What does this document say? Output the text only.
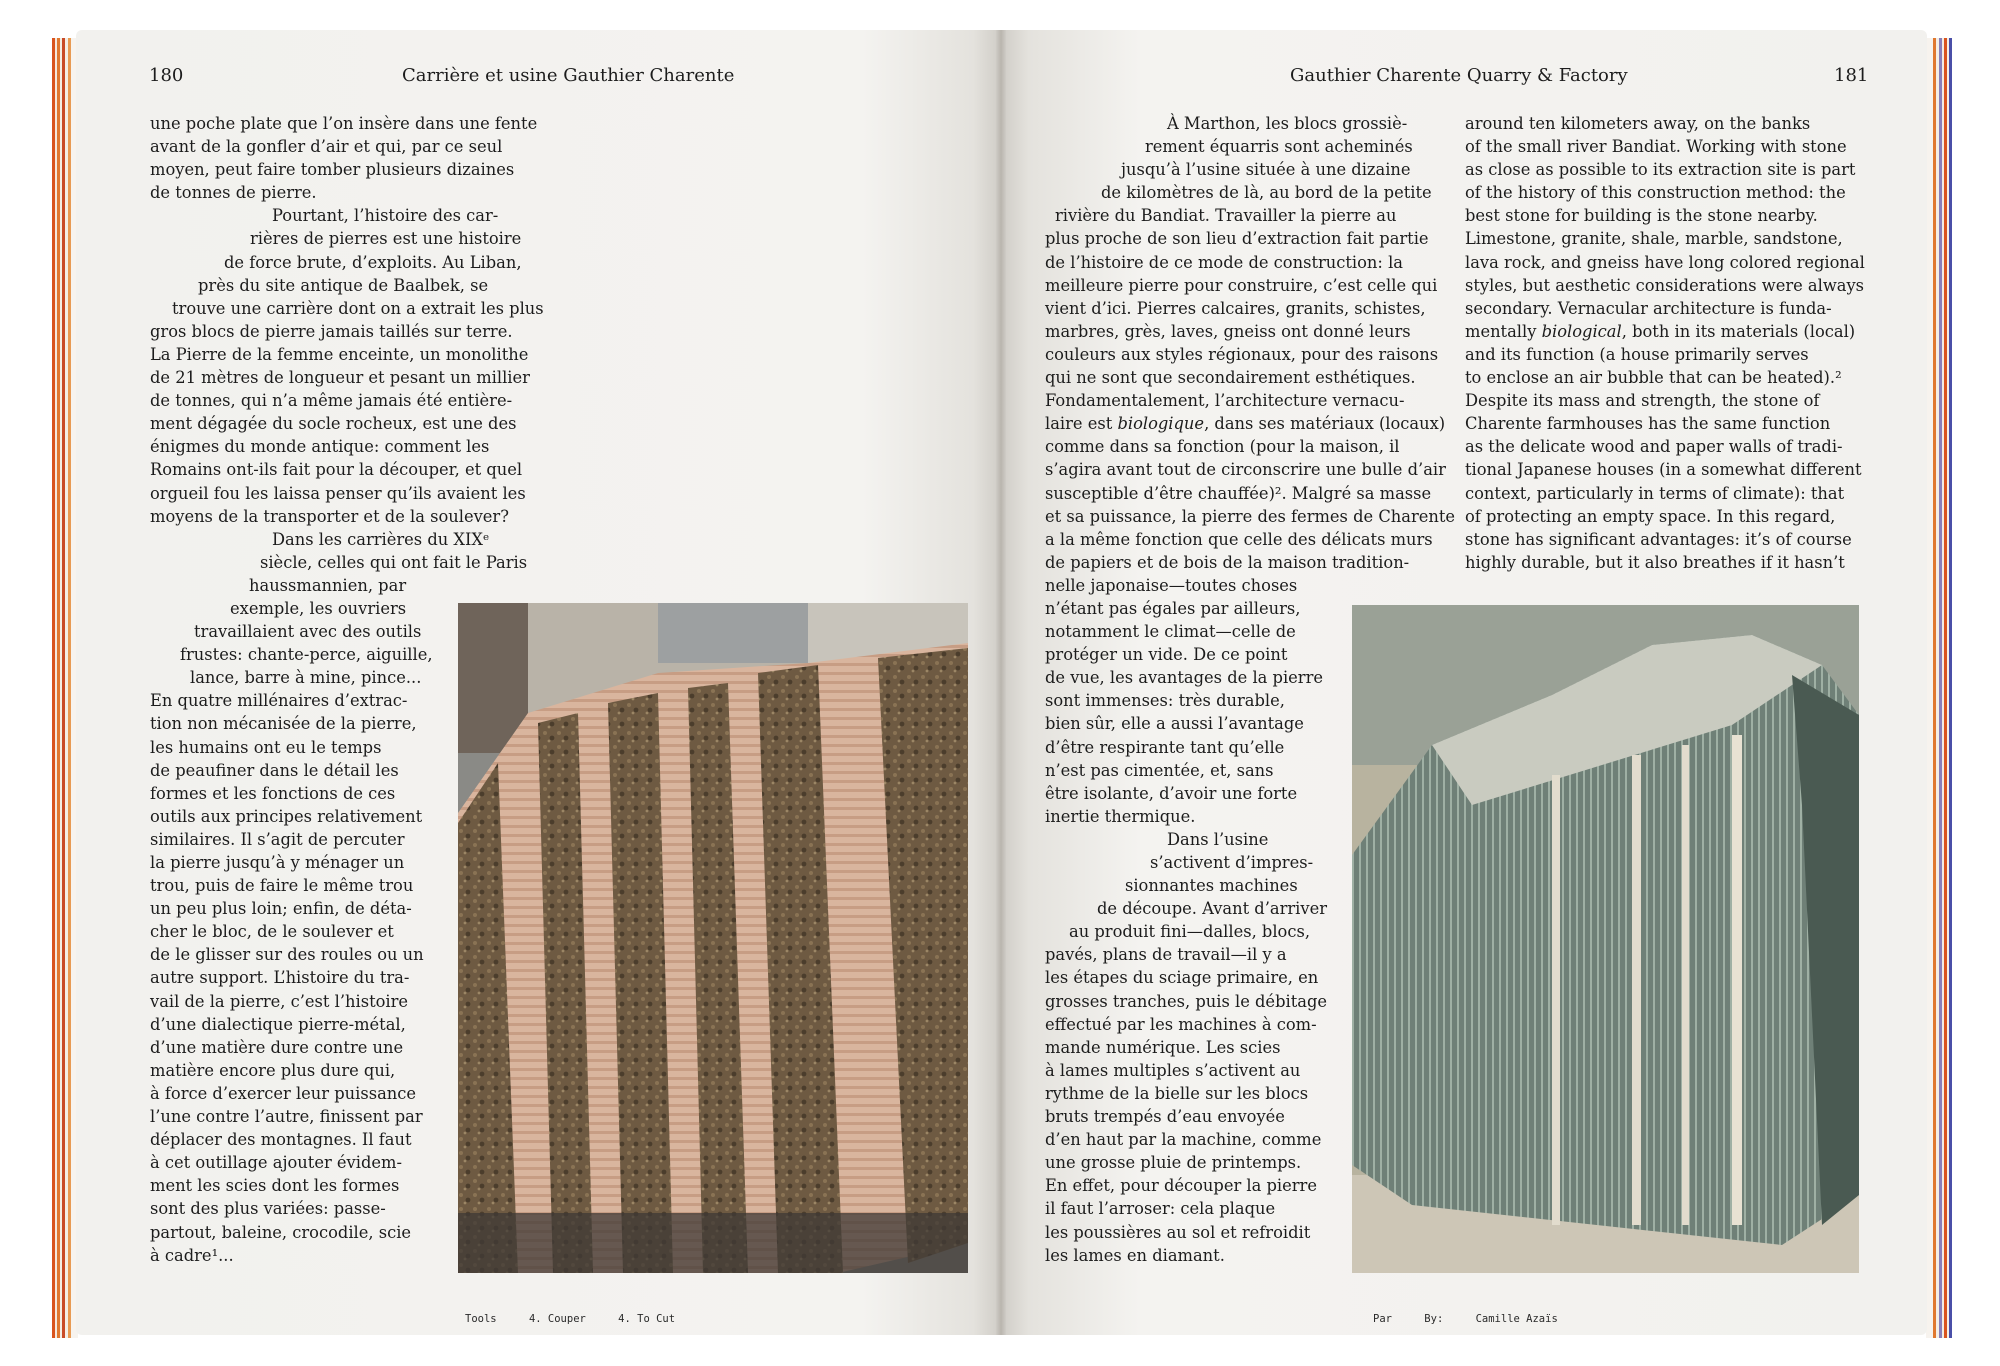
180	Carrière et usine Gauthier Charente
une poche plate que l’on insère dans une fente
avant de la gonfler d’air et qui, par ce seul
moyen, peut faire tomber plusieurs dizaines
de tonnes de pierre.
Pourtant, l’histoire des car-
rières de pierres est une histoire
de force brute, d’exploits. Au Liban,
près du site antique de Baalbek, se
trouve une carrière dont on a extrait les plus
gros blocs de pierre jamais taillés sur terre.
La Pierre de la femme enceinte, un monolithe
de 21 mètres de longueur et pesant un millier
de tonnes, qui n’a même jamais été entière-
ment dégagée du socle rocheux, est une des
énigmes du monde antique: comment les
Romains ont-ils fait pour la découper, et quel
orgueil fou les laissa penser qu’ils avaient les
moyens de la transporter et de la soulever?
Dans les carrières du XIXᵉ
siècle, celles qui ont fait le Paris
haussmannien, par
exemple, les ouvriers
travaillaient avec des outils
frustes: chante-perce, aiguille,
lance, barre à mine, pince...
En quatre millénaires d’extrac-
tion non mécanisée de la pierre,
les humains ont eu le temps
de peaufiner dans le détail les
formes et les fonctions de ces
outils aux principes relativement
similaires. Il s’agit de percuter
la pierre jusqu’à y ménager un
trou, puis de faire le même trou
un peu plus loin; enfin, de déta-
cher le bloc, de le soulever et
de le glisser sur des roules ou un
autre support. L’histoire du tra-
vail de la pierre, c’est l’histoire
d’une dialectique pierre-métal,
d’une matière dure contre une
matière encore plus dure qui,
à force d’exercer leur puissance
l’une contre l’autre, finissent par
déplacer des montagnes. Il faut
à cet outillage ajouter évidem-
ment les scies dont les formes
sont des plus variées: passe-
partout, baleine, crocodile, scie
à cadre¹...
Tools	4. Couper	4. To Cut
Gauthier Charente Quarry & Factory	181
À Marthon, les blocs grossiè-
rement équarris sont acheminés
jusqu’à l’usine située à une dizaine
de kilomètres de là, au bord de la petite
rivière du Bandiat. Travailler la pierre au
plus proche de son lieu d’extraction fait partie
de l’histoire de ce mode de construction: la
meilleure pierre pour construire, c’est celle qui
vient d’ici. Pierres calcaires, granits, schistes,
marbres, grès, laves, gneiss ont donné leurs
couleurs aux styles régionaux, pour des raisons
qui ne sont que secondairement esthétiques.
Fondamentalement, l’architecture vernacu-
laire est biologique, dans ses matériaux (locaux)
comme dans sa fonction (pour la maison, il
s’agira avant tout de circonscrire une bulle d’air
susceptible d’être chauffée)². Malgré sa masse
et sa puissance, la pierre des fermes de Charente
a la même fonction que celle des délicats murs
de papiers et de bois de la maison tradition-
nelle japonaise—toutes choses
n’étant pas égales par ailleurs,
notamment le climat—celle de
protéger un vide. De ce point
de vue, les avantages de la pierre
sont immenses: très durable,
bien sûr, elle a aussi l’avantage
d’être respirante tant qu’elle
n’est pas cimentée, et, sans
être isolante, d’avoir une forte
inertie thermique.
Dans l’usine
s’activent d’impres-
sionnantes machines
de découpe. Avant d’arriver
au produit fini—dalles, blocs,
pavés, plans de travail—il y a
les étapes du sciage primaire, en
grosses tranches, puis le débitage
effectué par les machines à com-
mande numérique. Les scies
à lames multiples s’activent au
rythme de la bielle sur les blocs
bruts trempés d’eau envoyée
d’en haut par la machine, comme
une grosse pluie de printemps.
En effet, pour découper la pierre
il faut l’arroser: cela plaque
les poussières au sol et refroidit
les lames en diamant.
around ten kilometers away, on the banks
of the small river Bandiat. Working with stone
as close as possible to its extraction site is part
of the history of this construction method: the
best stone for building is the stone nearby.
Limestone, granite, shale, marble, sandstone,
lava rock, and gneiss have long colored regional
styles, but aesthetic considerations were always
secondary. Vernacular architecture is funda-
mentally biological, both in its materials (local)
and its function (a house primarily serves
to enclose an air bubble that can be heated).²
Despite its mass and strength, the stone of
Charente farmhouses has the same function
as the delicate wood and paper walls of tradi-
tional Japanese houses (in a somewhat different
context, particularly in terms of climate): that
of protecting an empty space. In this regard,
stone has significant advantages: it’s of course
highly durable, but it also breathes if it hasn’t
Par	By:	Camille Azaïs
